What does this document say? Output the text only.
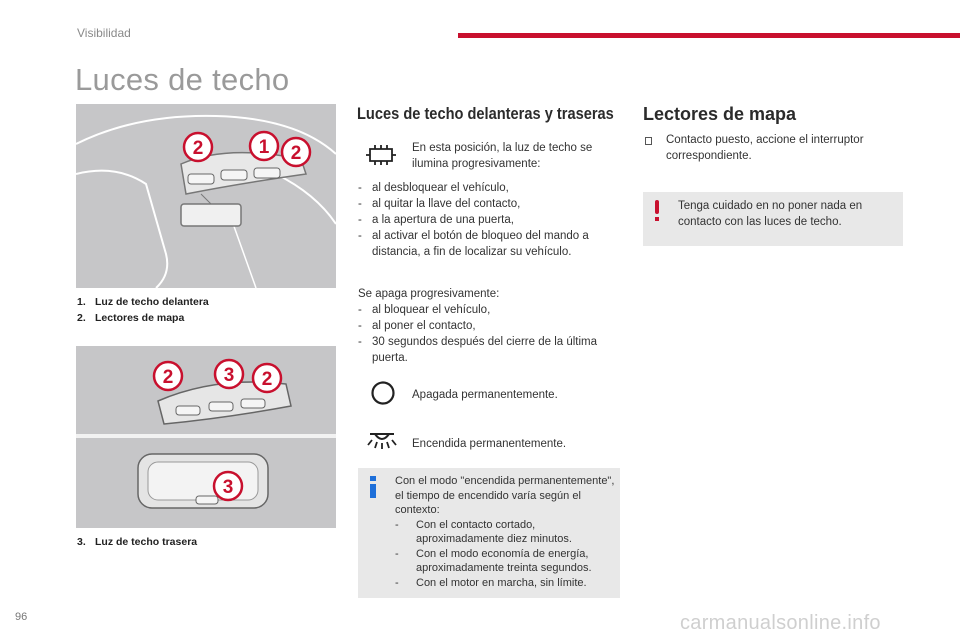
Visibilidad
Luces de techo
2	1 2
1. Luz de techo delantera
2. Lectores de mapa
2	3 2
3
3. Luz de techo trasera
Luces de techo delanteras y traseras
En esta posición, la luz de techo se ilumina progresivamente:
- al desbloquear el vehículo,
- al quitar la llave del contacto,
- a la apertura de una puerta,
- al activar el botón de bloqueo del mando a distancia, a fin de localizar su vehículo.
Se apaga progresivamente:
- al bloquear el vehículo,
- al poner el contacto,
- 30 segundos después del cierre de la última puerta.
Apagada permanentemente.
Encendida permanentemente.
Con el modo "encendida permanentemente", el tiempo de encendido varía según el contexto:
- Con el contacto cortado, aproximadamente diez minutos.
- Con el modo economía de energía, aproximadamente treinta segundos.
- Con el motor en marcha, sin límite.
Lectores de mapa
Contacto puesto, accione el interruptor correspondiente.
Tenga cuidado en no poner nada en contacto con las luces de techo.
96	carmanualsonline.info
